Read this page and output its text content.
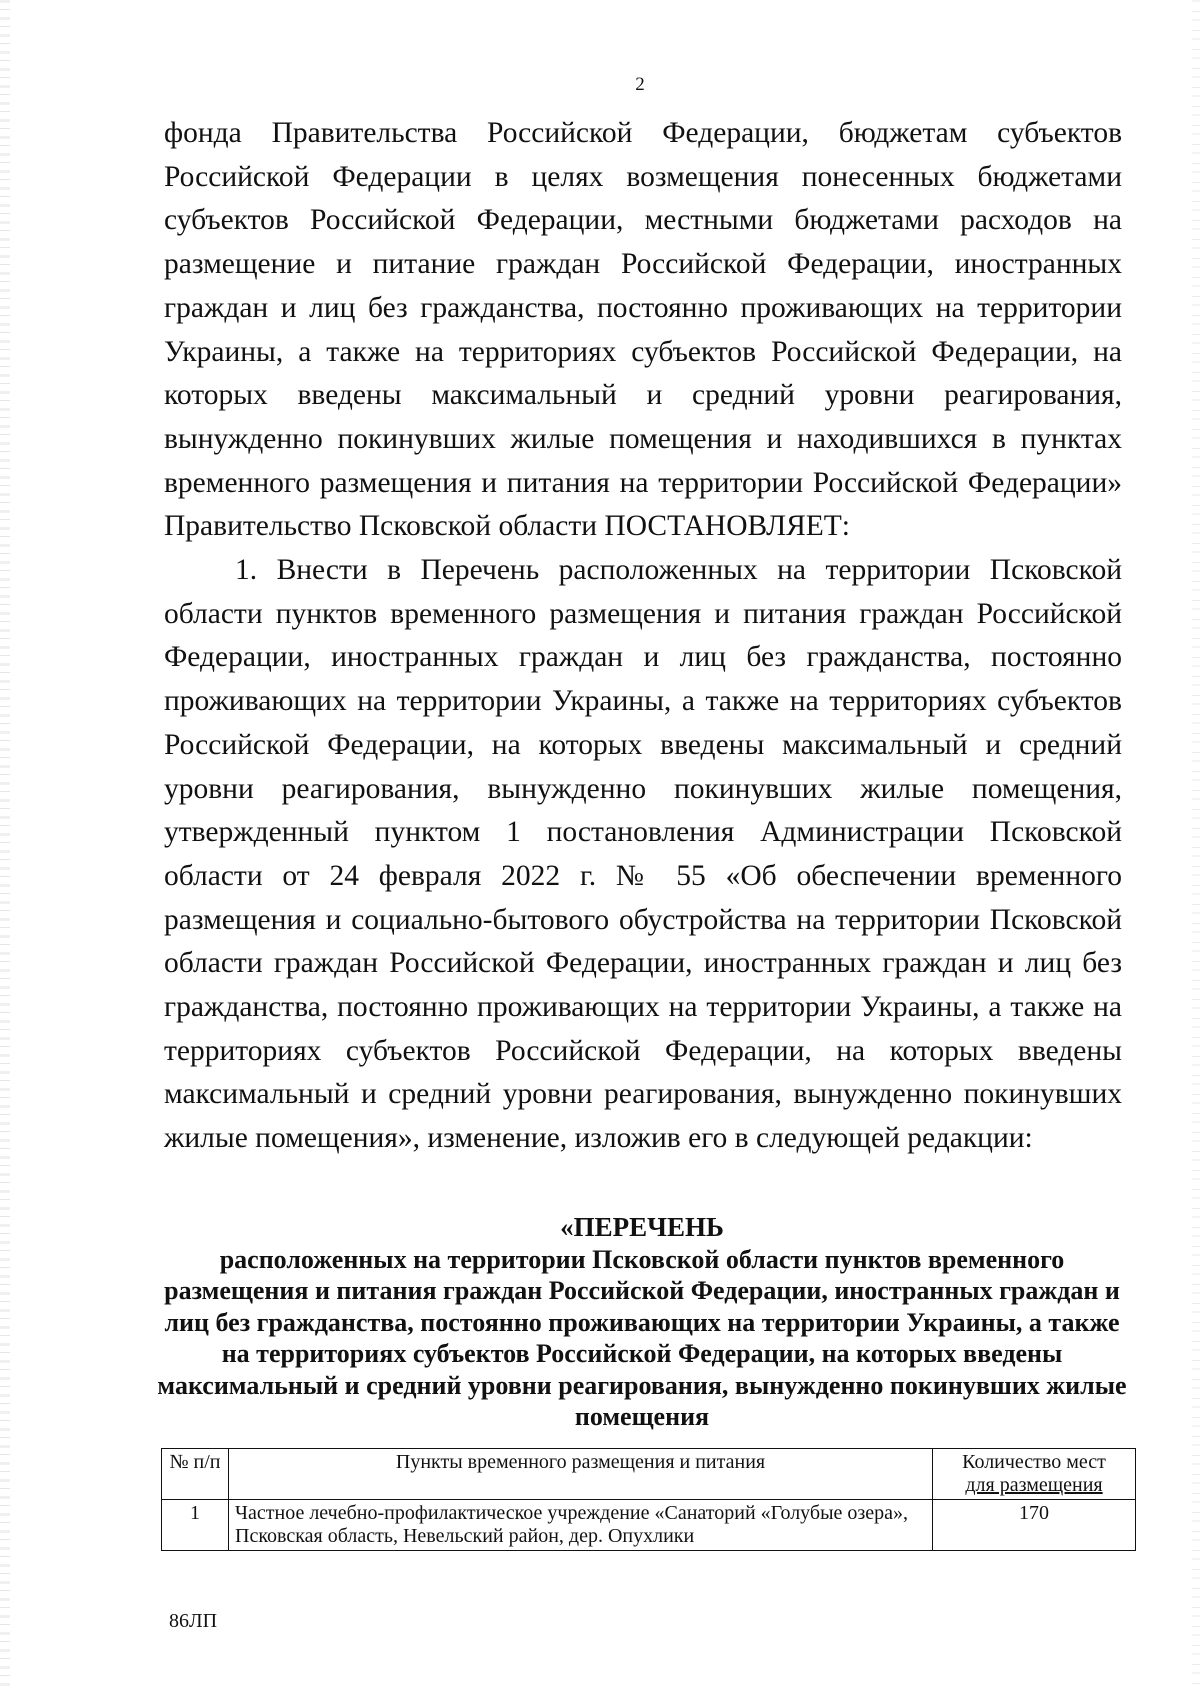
2

фонда Правительства Российской Федерации, бюджетам субъектов Российской Федерации в целях возмещения понесенных бюджетами субъектов Российской Федерации, местными бюджетами расходов на размещение и питание граждан Российской Федерации, иностранных граждан и лиц без гражданства, постоянно проживающих на территории Украины, а также на территориях субъектов Российской Федерации, на которых введены максимальный и средний уровни реагирования, вынужденно покинувших жилые помещения и находившихся в пунктах временного размещения и питания на территории Российской Федерации» Правительство Псковской области ПОСТАНОВЛЯЕТ:

1. Внести в Перечень расположенных на территории Псковской области пунктов временного размещения и питания граждан Российской Федерации, иностранных граждан и лиц без гражданства, постоянно проживающих на территории Украины, а также на территориях субъектов Российской Федерации, на которых введены максимальный и средний уровни реагирования, вынужденно покинувших жилые помещения, утвержденный пунктом 1 постановления Администрации Псковской области от 24 февраля 2022 г. № 55 «Об обеспечении временного размещения и социально-бытового обустройства на территории Псковской области граждан Российской Федерации, иностранных граждан и лиц без гражданства, постоянно проживающих на территории Украины, а также на территориях субъектов Российской Федерации, на которых введены максимальный и средний уровни реагирования, вынужденно покинувших жилые помещения», изменение, изложив его в следующей редакции:

«ПЕРЕЧЕНЬ
расположенных на территории Псковской области пунктов временного размещения и питания граждан Российской Федерации, иностранных граждан и лиц без гражданства, постоянно проживающих на территории Украины, а также на территориях субъектов Российской Федерации, на которых введены максимальный и средний уровни реагирования, вынужденно покинувших жилые помещения
№ п/п	Пункты временного размещения и питания	Количество мест
для размещения
1	Частное лечебно-профилактическое учреждение «Санаторий «Голубые озера», Псковская область, Невельский район, дер. Опухлики	170
86ЛП
